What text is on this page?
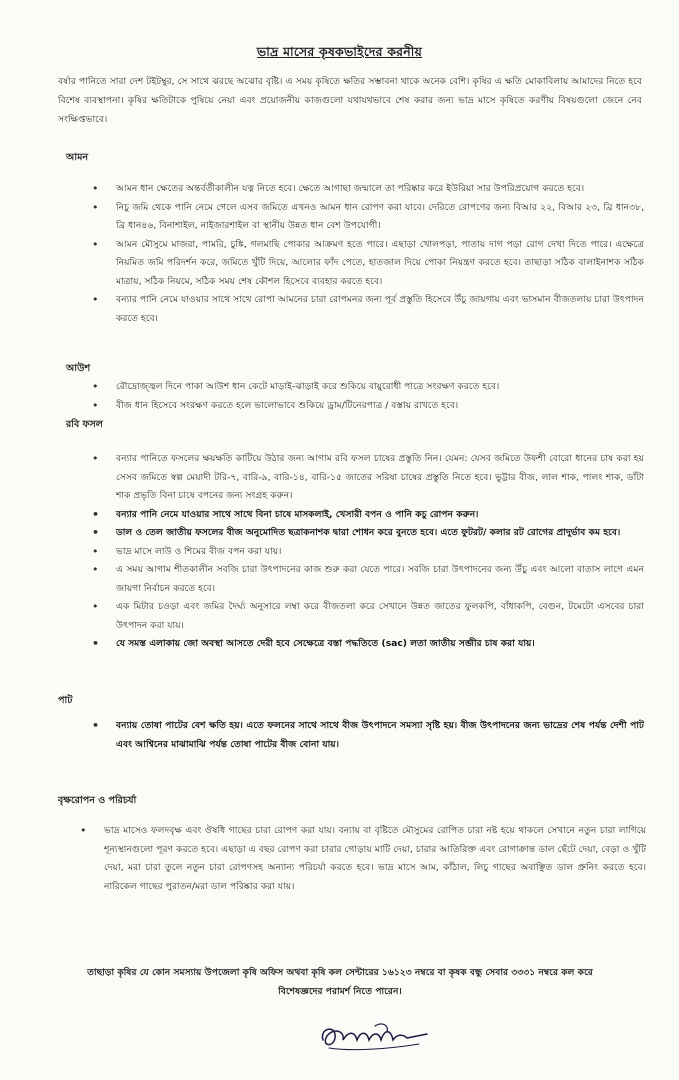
ভাদ্র মাসের কৃষকভাইদের করনীয়
বর্ষার পানিতে সারা দেশ টইটম্বুর, সে সাথে ঝরছে অঝোর বৃষ্টি। এ সময় কৃষিতে ক্ষতির সম্ভাবনা থাকে অনেক বেশি। কৃষির এ ক্ষতি মোকাবিলায় আমাদের নিতে হবে বিশেষ ব্যবস্থাপনা। কৃষির ক্ষতিটাকে পুষিয়ে নেয়া এবং প্রয়োজনীয় কাজগুলো যথাযথভাবে শেষ করার জন্য ভাদ্র মাসে কৃষিতে করণীয় বিষয়গুলো জেনে নেব সংক্ষিপ্তভাবে।
আমন
• আমন ধান ক্ষেতের অন্তর্বর্তীকালীন যত্ন নিতে হবে। ক্ষেতে আগাছা জন্মালে তা পরিষ্কার করে ইউরিয়া সার উপরিপ্রয়োগ করতে হবে।
• নিচু জমি থেকে পানি নেমে গেলে এসব জমিতে এখনও আমন ধান রোপণ করা যাবে। দেরিতে রোপণের জন্য বিআর ২২, বিআর ২৩, ব্রি ধান৩৮, ব্রি ধান৪৬, বিনাশাইল, নাইজারশাইল বা স্থানীয় উন্নত ধান বেশ উপযোগী।
• আমন মৌসুমে মাজরা, পামরি, চুঙ্কি, গলমাছি পোকার আক্রমণ হতে পারে। এছাড়া খোলপড়া, পাতায় দাগ পড়া রোগ দেখা দিতে পারে। এক্ষেত্রে নিয়মিত জমি পরিদর্শন করে, জমিতে খুঁটি দিয়ে, আলোর ফাঁদ পেতে, হাতজাল দিয়ে পোকা নিয়ন্ত্রণ করতে হবে। তাছাড়া সঠিক বালাইনাশক সঠিক মাত্রায়, সঠিক নিয়মে, সঠিক সময় শেষ কৌশল হিসেবে ব্যবহার করতে হবে।
• বন্যার পানি নেমে যাওয়ার সাথে সাথে রোপা আমনের চারা রোপমনর জন্য পূর্ব প্রস্তুতি হিসেবে উঁচু জায়গায় এবং ভাসমান বীজতলায় চারা উৎপাদন করতে হবে।
আউশ
• রৌদ্রোজ্জ্বল দিনে পাকা আউশ ধান কেটে মাড়াই-ঝাড়াই করে শুকিয়ে বায়ুরোধী পাত্রে সংরক্ষণ করতে হবে।
• বীজ ধান হিসেবে সংরক্ষণ করতে হলে ভালোভাবে শুকিয়ে ড্রাম/টিনেরপাত্র / বস্তায় রাখতে হবে।
রবি ফসল
• বন্যার পানিতে ফসলের ক্ষয়ক্ষতি কাটিয়ে উঠার জন্য আগাম রবি ফসল চাষের প্রস্তুতি নিন। যেমন: যেসব জমিতে উফশী বোরো ধানের চাষ করা হয় সেসব জমিতে স্বল্প মেয়াদী টরি-৭, বারি-৯, বারি-১৪, বারি-১৫ জাতের সরিষা চাষের প্রস্তুতি নিতে হবে। ভুট্টার বীজ, লাল শাক, পালং শাক, ডাঁটা শাক প্রভৃতি বিনা চাষে বপনের জন্য সংগ্রহ করুন।
• বন্যার পানি নেমে যাওয়ার সাথে সাথে বিনা চাষে মাসকলাই, খেসারী বপন ও পানি কচু রোপন করুন।
• ডাল ও তেল জাতীয় ফসলের বীজ অনুমোদিত ছত্রাকনাশক দ্বারা শোধন করে বুনতে হবে। এতে ফুটরট/ কলার রট রোগের প্রাদুর্ভাব কম হবে।
• ভাদ্র মাসে লাউ ও শিমের বীজ বপন করা যায়।
• এ সময় আগাম শীতকালীন সবজি চারা উৎপাদনের কাজ শুরু করা যেতে পারে। সবজি চারা উৎপাদনের জন্য উঁচু এবং আলো বাতাস লাগে এমন জায়গা নির্বাচন করতে হবে।
• এক মিটার চওড়া এবং জমির দৈর্ঘ্য অনুসারে লম্বা করে বীজতলা করে সেখানে উন্নত জাতের ফুলকপি, বাঁধাকপি, বেগুন, টমেটো এসবের চারা উৎপাদন করা যায়।
• যে সমস্ত এলাকায় জো অবস্থা আসতে দেরী হবে সেক্ষেত্রে বস্তা পদ্ধতিতে (sac) লতা জাতীয় সব্জীর চাষ করা যায়।
পাট
• বন্যায় তোষা পাটের বেশ ক্ষতি হয়। এতে ফলনের সাথে সাথে বীজ উৎপাদনে সমস্যা সৃষ্টি হয়। বীজ উৎপাদনের জন্য ভাদ্রের শেষ পর্যন্ত দেশী পাট এবং আশ্বিনের মাঝামাঝি পর্যন্ত তোষা পাটের বীজ বোনা যায়।
বৃক্ষরোপন ও পরিচর্যা
• ভাদ্র মাসেও ফলদবৃক্ষ এবং ঔষধি গাছের চারা রোপণ করা যায়। বন্যায় বা বৃষ্টিতে মৌসুমের রোপিত চারা নষ্ট হয়ে থাকলে সেখানে নতুন চারা লাগিয়ে শূন্যস্থানগুলো পূরণ করতে হবে। এছাড়া এ বছর রোপণ করা চারার গোড়ায় মাটি দেয়া, চারার আতিরিক্ত এবং রোগাক্রান্ত ডাল ছেঁটে দেয়া, বেড়া ও খুঁটি দেয়া, মরা চারা তুলে নতুন চারা রোপণসহ অন্যান্য পরিচর্যা করতে হবে। ভাদ্র মাসে আম, কাঁঠাল, লিচু গাছের অবাঞ্ছিত ডাল প্রুনিং করতে হবে। নারিকেল গাছের পুরাতন/মরা ডাল পরিষ্কার করা যায়।
তাছাড়া কৃষির যে কোন সমস্যায় উপজেলা কৃষি অফিস অথবা কৃষি কল সেন্টারের ১৬১২৩ নম্বরে বা কৃষক বন্ধু সেবার ৩৩৩১ নম্বরে কল করে বিশেষজ্ঞদের পরামর্শ নিতে পারেন।
